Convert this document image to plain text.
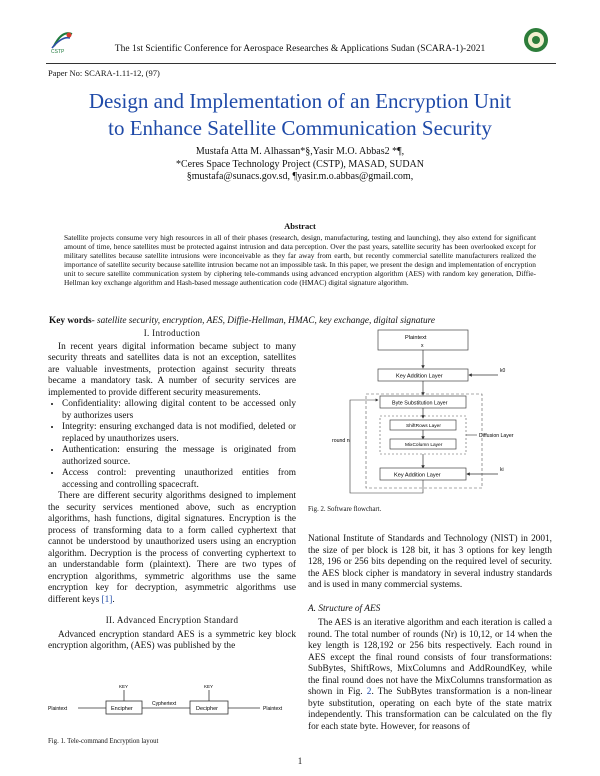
CSTP	The 1st Scientific Conference for Aerospace Researches & Applications Sudan (SCARA-1)-2021
Paper No: SCARA-1.11-12, (97)
Design and Implementation of an Encryption Unit
to Enhance Satellite Communication Security
Mustafa Atta M. Alhassan*§,Yasir M.O. Abbas2 *¶,
*Ceres Space Technology Project (CSTP), MASAD, SUDAN
§mustafa@sunacs.gov.sd, ¶yasir.m.o.abbas@gmail.com,
Abstract
Satellite projects consume very high resources in all of their phases (research, design, manufacturing, testing and launching), they also extend for significant amount of time, hence satellites must be protected against intrusion and data perception. Over the past years, satellite security has been overlooked except for military satellites because satellite intrusions were inconceivable as they far away from earth, but recently commercial satellite manufacturers realized the importance of satellite security because satellite intrusion became not an impossible task. In this paper, we present the design and implementation of encryption unit to secure satellite communication system by ciphering tele-commands using advanced encryption algorithm (AES) with random key generation, Diffie-Hellman key exchange algorithm and Hash-based message authentication code (HMAC) digital signature algorithm.
Key words- satellite security, encryption, AES, Diffie-Hellman, HMAC, key exchange, digital signature
I. Introduction
In recent years digital information became subject to many security threats and satellites data is not an exception, satellites are valuable investments, protection against security threats became a mandatory task. A number of security services are implemented to provide different security measurements.
• Confidentiality: allowing digital content to be accessed only by authorizes users
• Integrity: ensuring exchanged data is not modified, deleted or replaced by unauthorizes users.
• Authentication: ensuring the message is originated from authorized source.
• Access control: preventing unauthorized entities from accessing and controlling spacecraft.
There are different security algorithms designed to implement the security services mentioned above, such as encryption algorithms, hash functions, digital signatures. Encryption is the process of transforming data to a form called cyphertext that cannot be understood by unauthorized users using an encryption algorithm. Decryption is the process of converting cyphertext to an understandable form (plaintext). There are two types of encryption algorithms, symmetric algorithms use the same encryption key for decryption, asymmetric algorithms use different keys [1].
II. Advanced Encryption Standard
Advanced encryption standard AES is a symmetric key block encryption algorithm, (AES) was published by the
Plaintext	Encipher
Cyphertext
Decipher	Plaintext
KEY	KEY
Fig. 1. Tele-command Encryption layout
Plaintext
x
Key Addition Layer
k0
Byte Substitution Layer
ShiftRows Layer
MixColumn Layer
Diffusion Layer
Key Addition Layer
ki
round n
Fig. 2. Software flowchart.
National Institute of Standards and Technology (NIST) in 2001, the size of per block is 128 bit, it has 3 options for key length 128, 196 or 256 bits depending on the required level of security. the AES block cipher is mandatory in several industry standards and is used in many commercial systems.
A. Structure of AES
The AES is an iterative algorithm and each iteration is called a round. The total number of rounds (Nr) is 10,12, or 14 when the key length is 128,192 or 256 bits respectively. Each round in AES except the final round consists of four transformations: SubBytes, ShiftRows, MixColumns and AddRoundKey, while the final round does not have the MixColumns transformation as shown in Fig. 2. The SubBytes transformation is a non-linear byte substitution, operating on each byte of the state matrix independently. This transformation can be calculated on the fly for each state byte. However, for reasons of
1
